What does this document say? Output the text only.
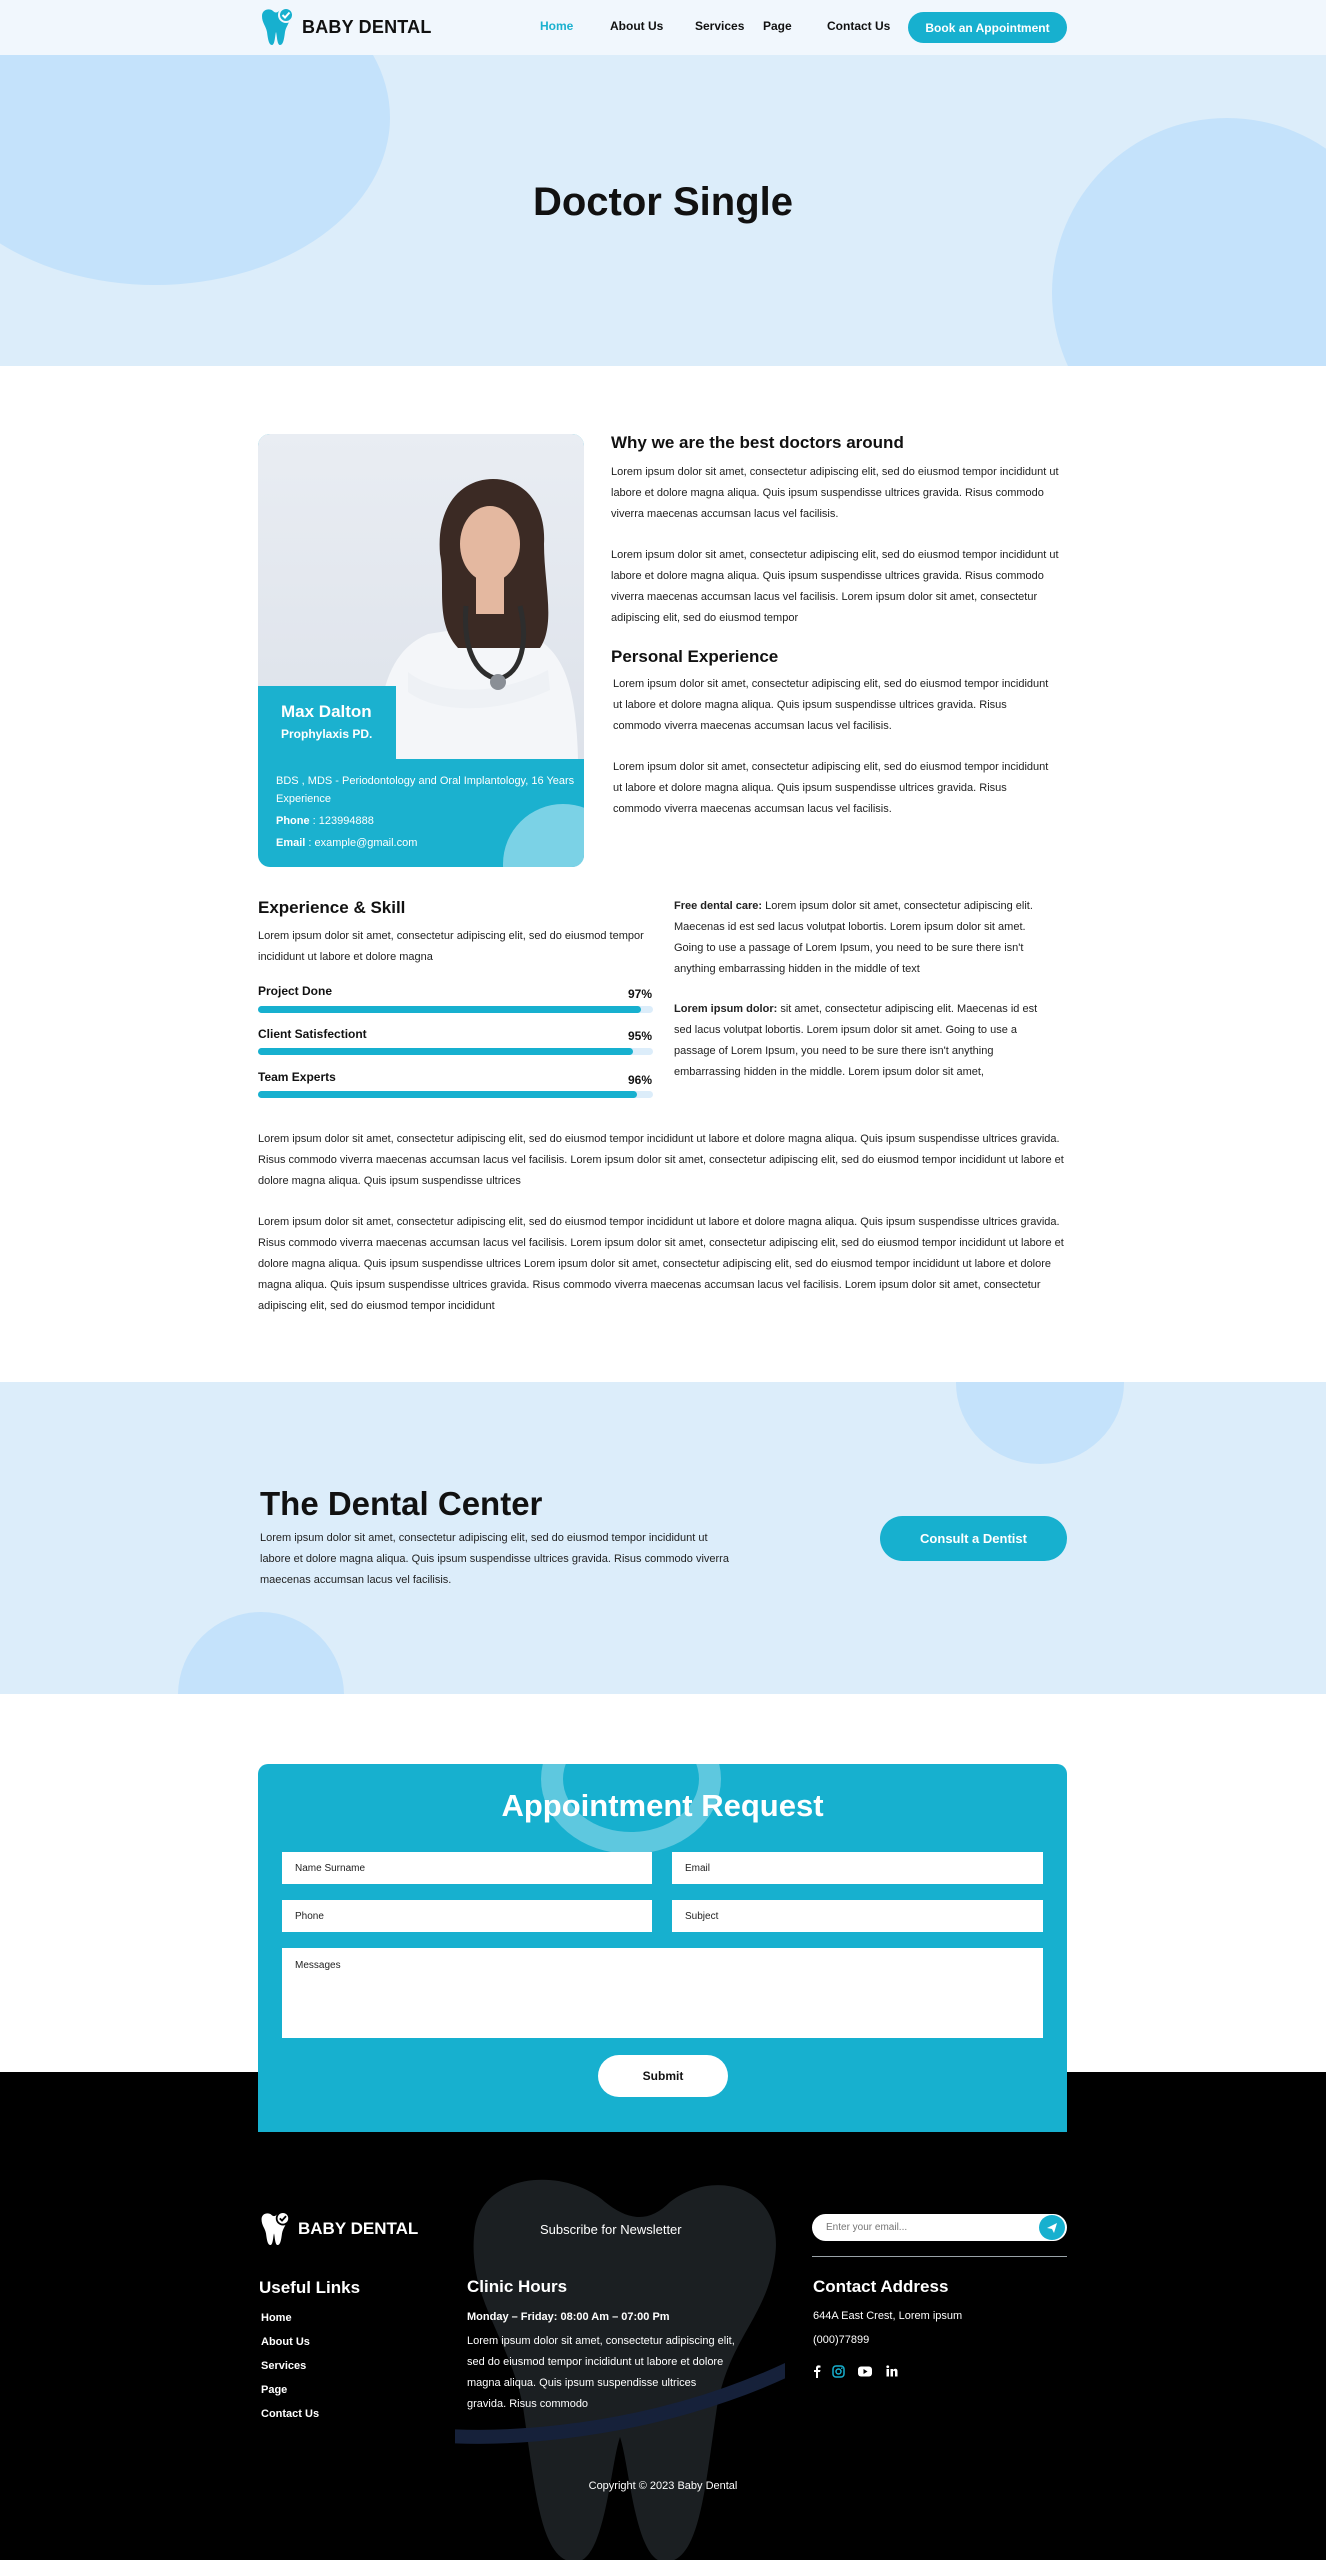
BABY DENTAL	Home	About Us	Services Page	Contact Us	Book an Appointment
Doctor Single
Max Dalton
Prophylaxis PD.

BDS , MDS - Periodontology and Oral Implantology, 16 Years Experience

Phone : 123994888

Email : example@gmail.com

Why we are the best doctors around

Lorem ipsum dolor sit amet, consectetur adipiscing elit, sed do eiusmod tempor incididunt ut labore et dolore magna aliqua. Quis ipsum suspendisse ultrices gravida. Risus commodo viverra maecenas accumsan lacus vel facilisis.

Lorem ipsum dolor sit amet, consectetur adipiscing elit, sed do eiusmod tempor incididunt ut labore et dolore magna aliqua. Quis ipsum suspendisse ultrices gravida. Risus commodo viverra maecenas accumsan lacus vel facilisis. Lorem ipsum dolor sit amet, consectetur adipiscing elit, sed do eiusmod tempor

Personal Experience

Lorem ipsum dolor sit amet, consectetur adipiscing elit, sed do eiusmod tempor incididunt ut labore et dolore magna aliqua. Quis ipsum suspendisse ultrices gravida. Risus commodo viverra maecenas accumsan lacus vel facilisis.

Lorem ipsum dolor sit amet, consectetur adipiscing elit, sed do eiusmod tempor incididunt ut labore et dolore magna aliqua. Quis ipsum suspendisse ultrices gravida. Risus commodo viverra maecenas accumsan lacus vel facilisis.

Experience & Skill

Lorem ipsum dolor sit amet, consectetur adipiscing elit, sed do eiusmod tempor incididunt ut labore et dolore magna

Project Done	97%
Client Satisfectiont	95%
Team Experts	96%

Free dental care: Lorem ipsum dolor sit amet, consectetur adipiscing elit. Maecenas id est sed lacus volutpat lobortis. Lorem ipsum dolor sit amet. Going to use a passage of Lorem Ipsum, you need to be sure there isn't anything embarrassing hidden in the middle of text

Lorem ipsum dolor: sit amet, consectetur adipiscing elit. Maecenas id est sed lacus volutpat lobortis. Lorem ipsum dolor sit amet. Going to use a passage of Lorem Ipsum, you need to be sure there isn't anything embarrassing hidden in the middle. Lorem ipsum dolor sit amet,

Lorem ipsum dolor sit amet, consectetur adipiscing elit, sed do eiusmod tempor incididunt ut labore et dolore magna aliqua. Quis ipsum suspendisse ultrices gravida. Risus commodo viverra maecenas accumsan lacus vel facilisis. Lorem ipsum dolor sit amet, consectetur adipiscing elit, sed do eiusmod tempor incididunt ut labore et dolore magna aliqua. Quis ipsum suspendisse ultrices

Lorem ipsum dolor sit amet, consectetur adipiscing elit, sed do eiusmod tempor incididunt ut labore et dolore magna aliqua. Quis ipsum suspendisse ultrices gravida. Risus commodo viverra maecenas accumsan lacus vel facilisis. Lorem ipsum dolor sit amet, consectetur adipiscing elit, sed do eiusmod tempor incididunt ut labore et dolore magna aliqua. Quis ipsum suspendisse ultrices Lorem ipsum dolor sit amet, consectetur adipiscing elit, sed do eiusmod tempor incididunt ut labore et dolore magna aliqua. Quis ipsum suspendisse ultrices gravida. Risus commodo viverra maecenas accumsan lacus vel facilisis. Lorem ipsum dolor sit amet, consectetur adipiscing elit, sed do eiusmod tempor incididunt

The Dental Center

Lorem ipsum dolor sit amet, consectetur adipiscing elit, sed do eiusmod tempor incididunt ut labore et dolore magna aliqua. Quis ipsum suspendisse ultrices gravida. Risus commodo viverra maecenas accumsan lacus vel facilisis.

Consult a Dentist
Appointment Request
Name Surname
Email
Phone
Subject
Messages
Submit
BABY DENTAL	Subscribe for Newsletter
Enter your email...
Useful Links
Home
About Us
Services
Page
Contact Us
Clinic Hours
Monday – Friday: 08:00 Am – 07:00 Pm

Lorem ipsum dolor sit amet, consectetur adipiscing elit, sed do eiusmod tempor incididunt ut labore et dolore magna aliqua. Quis ipsum suspendisse ultrices gravida. Risus commodo

Contact Address
644A East Crest, Lorem ipsum
(000)77899
Copyright © 2023 Baby Dental
